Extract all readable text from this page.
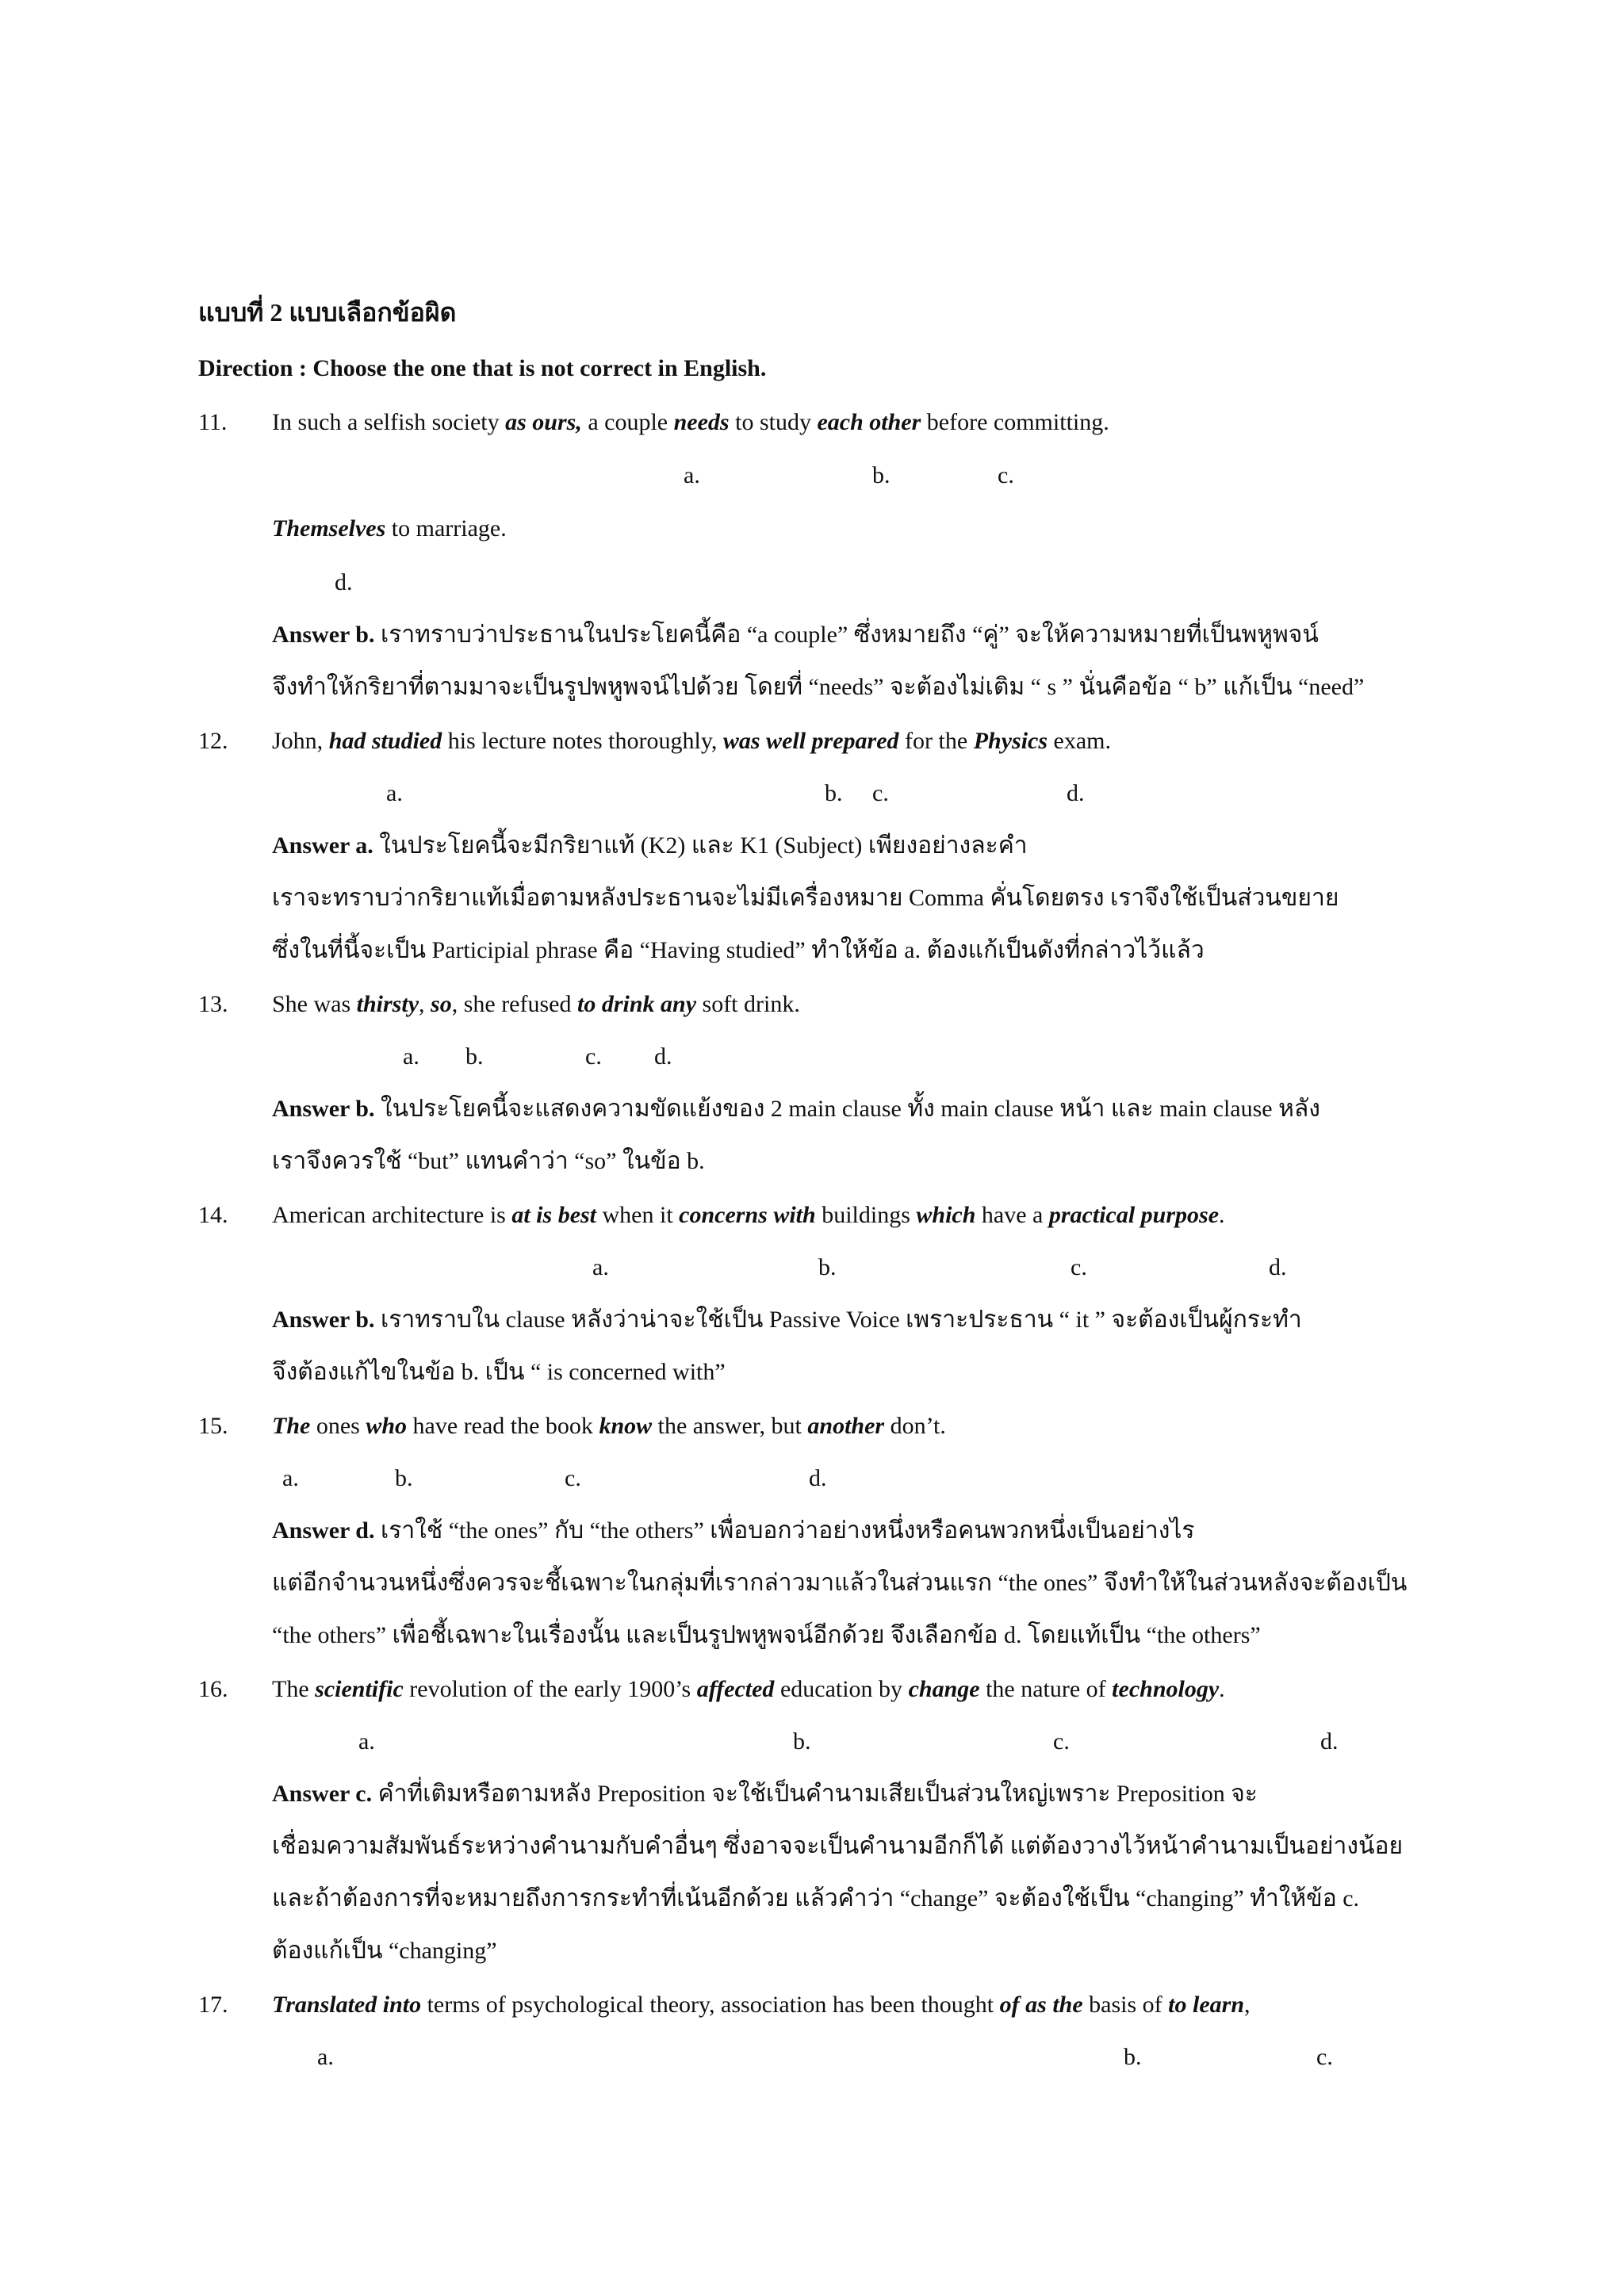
แบบที่ 2 แบบเลือกข้อผิด
Direction : Choose the one that is not correct in English.
11. In such a selfish society as ours, a couple needs to study each other before committing.
a.	b.	c.
Themselves to marriage.
d.
Answer b. เราทราบว่าประธานในประโยคนี้คือ “a couple” ซึ่งหมายถึง “คู่” จะให้ความหมายที่เป็นพหูพจน์
จึงทำให้กริยาที่ตามมาจะเป็นรูปพหูพจน์ไปด้วย โดยที่ “needs” จะต้องไม่เติม “ s ” นั่นคือข้อ “ b” แก้เป็น “need”
12. John, had studied his lecture notes thoroughly, was well prepared for the Physics exam.
a.	b. c.	d.
Answer a. ในประโยคนี้จะมีกริยาแท้ (K2) และ K1 (Subject) เพียงอย่างละคำ
เราจะทราบว่ากริยาแท้เมื่อตามหลังประธานจะไม่มีเครื่องหมาย Comma คั่นโดยตรง เราจึงใช้เป็นส่วนขยาย
ซึ่งในที่นี้จะเป็น Participial phrase คือ “Having studied” ทำให้ข้อ a. ต้องแก้เป็นดังที่กล่าวไว้แล้ว
13. She was thirsty, so, she refused to drink any soft drink.
a. b.	c. d.
Answer b. ในประโยคนี้จะแสดงความขัดแย้งของ 2 main clause ทั้ง main clause หน้า และ main clause หลัง
เราจึงควรใช้ “but” แทนคำว่า “so” ในข้อ b.
14. American architecture is at is best when it concerns with buildings which have a practical purpose.
a.	b.	c.	d.
Answer b. เราทราบใน clause หลังว่าน่าจะใช้เป็น Passive Voice เพราะประธาน “ it ” จะต้องเป็นผู้กระทำ
จึงต้องแก้ไขในข้อ b. เป็น “ is concerned with”
15. The ones who have read the book know the answer, but another don’t.
a.	b.	c.	d.
Answer d. เราใช้ “the ones” กับ “the others” เพื่อบอกว่าอย่างหนึ่งหรือคนพวกหนึ่งเป็นอย่างไร
แต่อีกจำนวนหนึ่งซึ่งควรจะชี้เฉพาะในกลุ่มที่เรากล่าวมาแล้วในส่วนแรก “the ones” จึงทำให้ในส่วนหลังจะต้องเป็น
“the others” เพื่อชี้เฉพาะในเรื่องนั้น และเป็นรูปพหูพจน์อีกด้วย จึงเลือกข้อ d. โดยแท้เป็น “the others”
16. The scientific revolution of the early 1900’s affected education by change the nature of technology.
a.	b.	c.	d.
Answer c. คำที่เติมหรือตามหลัง Preposition จะใช้เป็นคำนามเสียเป็นส่วนใหญ่เพราะ Preposition จะ
เชื่อมความสัมพันธ์ระหว่างคำนามกับคำอื่นๆ ซึ่งอาจจะเป็นคำนามอีกก็ได้ แต่ต้องวางไว้หน้าคำนามเป็นอย่างน้อย
และถ้าต้องการที่จะหมายถึงการกระทำที่เน้นอีกด้วย แล้วคำว่า “change” จะต้องใช้เป็น “changing” ทำให้ข้อ c.
ต้องแก้เป็น “changing”
17. Translated into terms of psychological theory, association has been thought of as the basis of to learn,
a.	b.	c.
